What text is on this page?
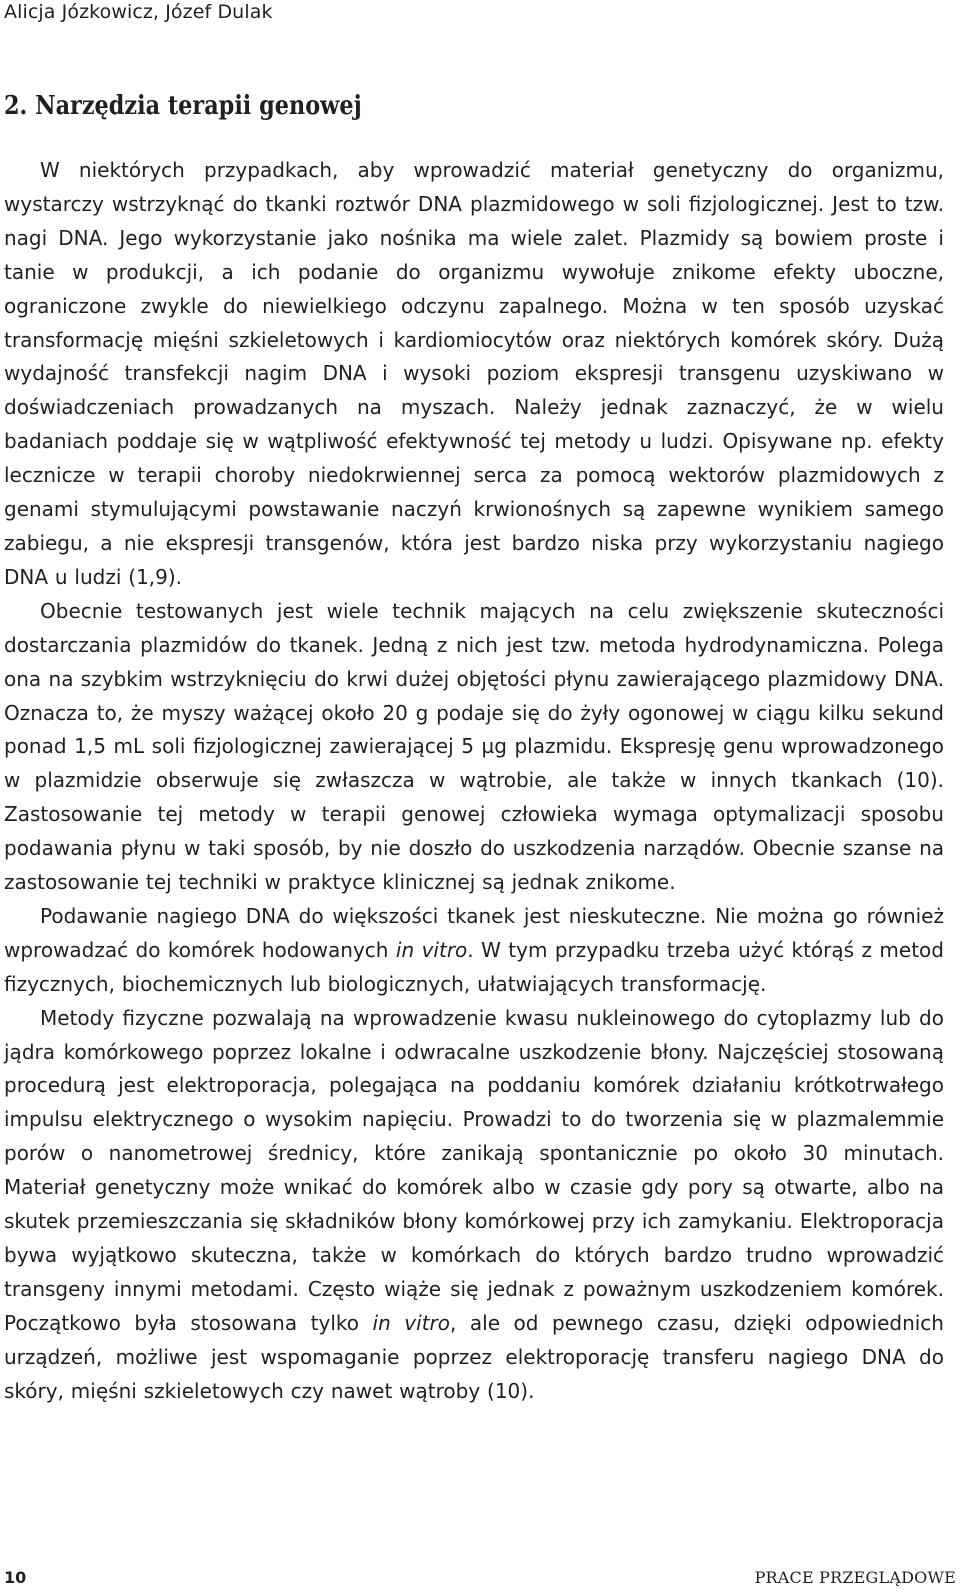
Alicja Józkowicz, Józef Dulak
2. Narzędzia terapii genowej

W niektórych przypadkach, aby wprowadzić materiał genetyczny do organizmu, wystarczy wstrzyknąć do tkanki roztwór DNA plazmidowego w soli fizjologicznej. Jest to tzw. nagi DNA. Jego wykorzystanie jako nośnika ma wiele zalet. Plazmidy są bowiem proste i tanie w produkcji, a ich podanie do organizmu wywołuje znikome efekty uboczne, ograniczone zwykle do niewielkiego odczynu zapalnego. Można w ten sposób uzyskać transformację mięśni szkieletowych i kardiomiocytów oraz niektórych komórek skóry. Dużą wydajność transfekcji nagim DNA i wysoki poziom ekspresji transgenu uzyskiwano w doświadczeniach prowadzanych na myszach. Należy jednak zaznaczyć, że w wielu badaniach poddaje się w wątpliwość efektywność tej metody u ludzi. Opisywane np. efekty lecznicze w terapii choroby niedokrwiennej serca za pomocą wektorów plazmidowych z genami stymulującymi powstawanie naczyń krwionośnych są zapewne wynikiem samego zabiegu, a nie ekspresji transgenów, która jest bardzo niska przy wykorzystaniu nagiego DNA u ludzi (1,9).

Obecnie testowanych jest wiele technik mających na celu zwiększenie skuteczności dostarczania plazmidów do tkanek. Jedną z nich jest tzw. metoda hydrodynamiczna. Polega ona na szybkim wstrzyknięciu do krwi dużej objętości płynu zawierającego plazmidowy DNA. Oznacza to, że myszy ważącej około 20 g podaje się do żyły ogonowej w ciągu kilku sekund ponad 1,5 mL soli fizjologicznej zawierającej 5 µg plazmidu. Ekspresję genu wprowadzonego w plazmidzie obserwuje się zwłaszcza w wątrobie, ale także w innych tkankach (10). Zastosowanie tej metody w terapii genowej człowieka wymaga optymalizacji sposobu podawania płynu w taki sposób, by nie doszło do uszkodzenia narządów. Obecnie szanse na zastosowanie tej techniki w praktyce klinicznej są jednak znikome.

Podawanie nagiego DNA do większości tkanek jest nieskuteczne. Nie można go również wprowadzać do komórek hodowanych in vitro. W tym przypadku trzeba użyć którąś z metod fizycznych, biochemicznych lub biologicznych, ułatwiających transformację.

Metody fizyczne pozwalają na wprowadzenie kwasu nukleinowego do cytoplazmy lub do jądra komórkowego poprzez lokalne i odwracalne uszkodzenie błony. Najczęściej stosowaną procedurą jest elektroporacja, polegająca na poddaniu komórek działaniu krótkotrwałego impulsu elektrycznego o wysokim napięciu. Prowadzi to do tworzenia się w plazmalemmie porów o nanometrowej średnicy, które zanikają spontanicznie po około 30 minutach. Materiał genetyczny może wnikać do komórek albo w czasie gdy pory są otwarte, albo na skutek przemieszczania się składników błony komórkowej przy ich zamykaniu. Elektroporacja bywa wyjątkowo skuteczna, także w komórkach do których bardzo trudno wprowadzić transgeny innymi metodami. Często wiąże się jednak z poważnym uszkodzeniem komórek. Początkowo była stosowana tylko in vitro, ale od pewnego czasu, dzięki odpowiednich urządzeń, możliwe jest wspomaganie poprzez elektroporację transferu nagiego DNA do skóry, mięśni szkieletowych czy nawet wątroby (10).

10	PRACE PRZEGLĄDOWE
